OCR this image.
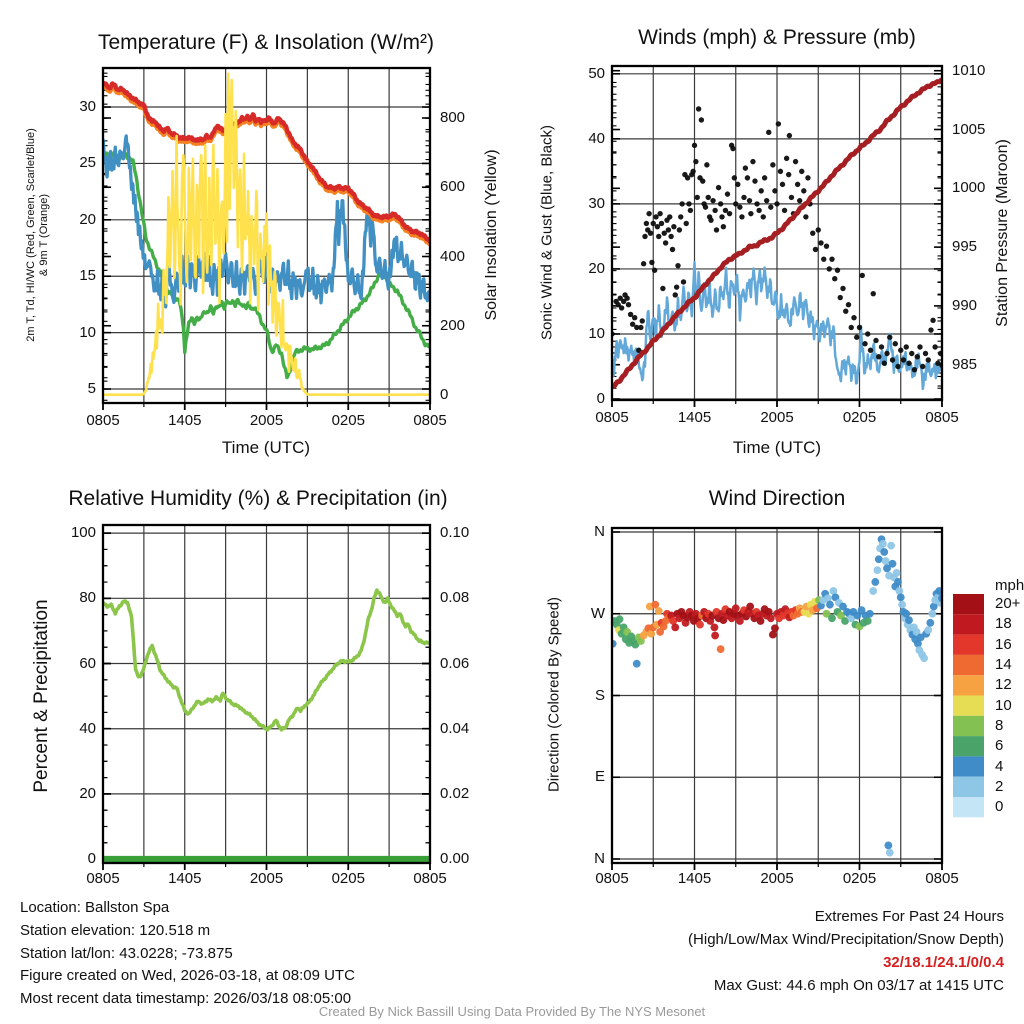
Temperature (F) & Insolation (W/m²)	Winds (mph) & Pressure (mb)
Relative Humidity (%) & Precipitation (in)	Wind Direction
2m T, Td, HI/WC (Red, Green, Scarlet/Blue) & 9m T (Orange)	Solar Insolation (Yellow)	Sonic Wind & Gust (Blue, Black)	Station Pressure (Maroon)
Percent & Precipitation	Direction (Colored By Speed)
Time (UTC)	Time (UTC)
mph
Location: Ballston Spa
Station elevation: 120.518 m
Station lat/lon: 43.0228; -73.875
Figure created on Wed, 2026-03-18, at 08:09 UTC
Most recent data timestamp: 2026/03/18 08:05:00
Extremes For Past 24 Hours
(High/Low/Max Wind/Precipitation/Snow Depth)
32/18.1/24.1/0/0.4
Max Gust: 44.6 mph On 03/17 at 1415 UTC
Created By Nick Bassill Using Data Provided By The NYS Mesonet
0805	1405	2005	0205	0805
5
10
15
20
25
30
0
200
400
600
800
0805	1405	2005	0205	0805
0
10
20
30
40
50
985
990
995
1000
1005
1010
0805	1405	2005	0205	0805
0
20
40
60
80
100
0.00
0.02
0.04
0.06
0.08
0.10
0805	1405	2005	0205	0805
N
W
S
E
N
20+
18
16
14
12
10
8
6
4
2
0
